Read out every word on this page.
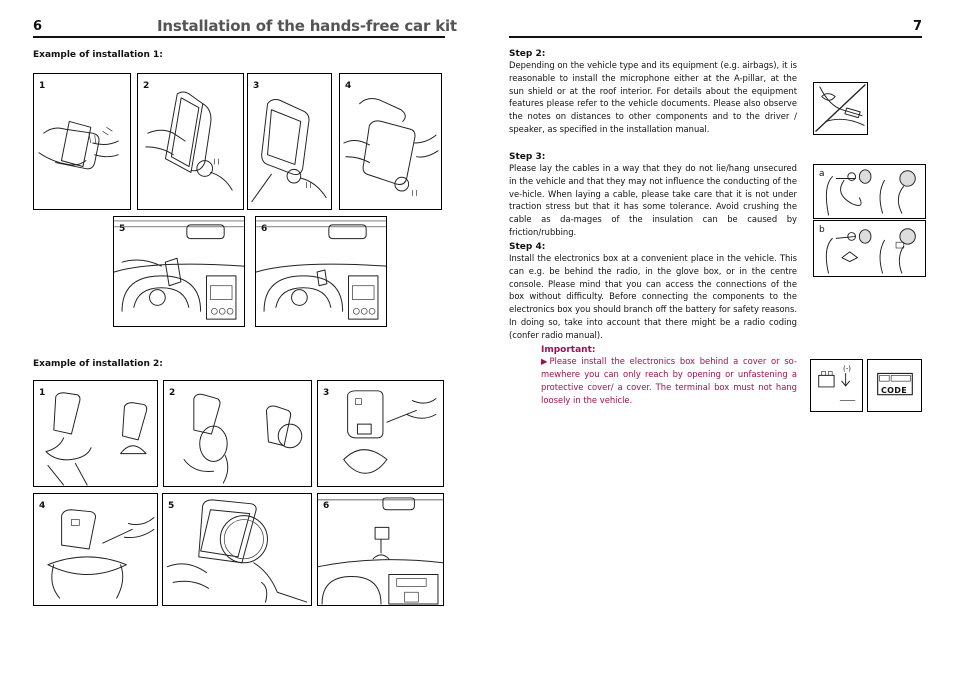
6	Installation of the hands-free car kit	7
Example of installation 1:
1	2	3	4
5	6
Example of installation 2:
1	2	3
4	5	6
Step 2:
Depending on the vehicle type and its equipment (e.g. airbags), it is reasonable to install the microphone either at the A-pillar, at the sun shield or at the roof interior. For details about the equipment features please refer to the vehicle documents. Please also observe the notes on distances to other components and to the driver / speaker, as specified in the installation manual.
Step 3:
Please lay the cables in a way that they do not lie/hang unsecured in the vehicle and that they may not influence the conducting of the ve-hicle. When laying a cable, please take care that it is not under traction stress but that it has some tolerance. Avoid crushing the cable as da-mages of the insulation can be caused by friction/rubbing.
Step 4:
Install the electronics box at a convenient place in the vehicle. This can e.g. be behind the radio, in the glove box, or in the centre console. Please mind that you can access the connections of the box without difficulty. Before connecting the components to the electronics box you should branch off the battery for safety reasons. In doing so, take into account that there might be a radio coding (confer radio manual).
Important:
▶Please install the electronics box behind a cover or so-mewhere you can only reach by opening or unfastening a protective cover/ a cover. The terminal box must not hang loosely in the vehicle.
a
b
(-)
CODE
